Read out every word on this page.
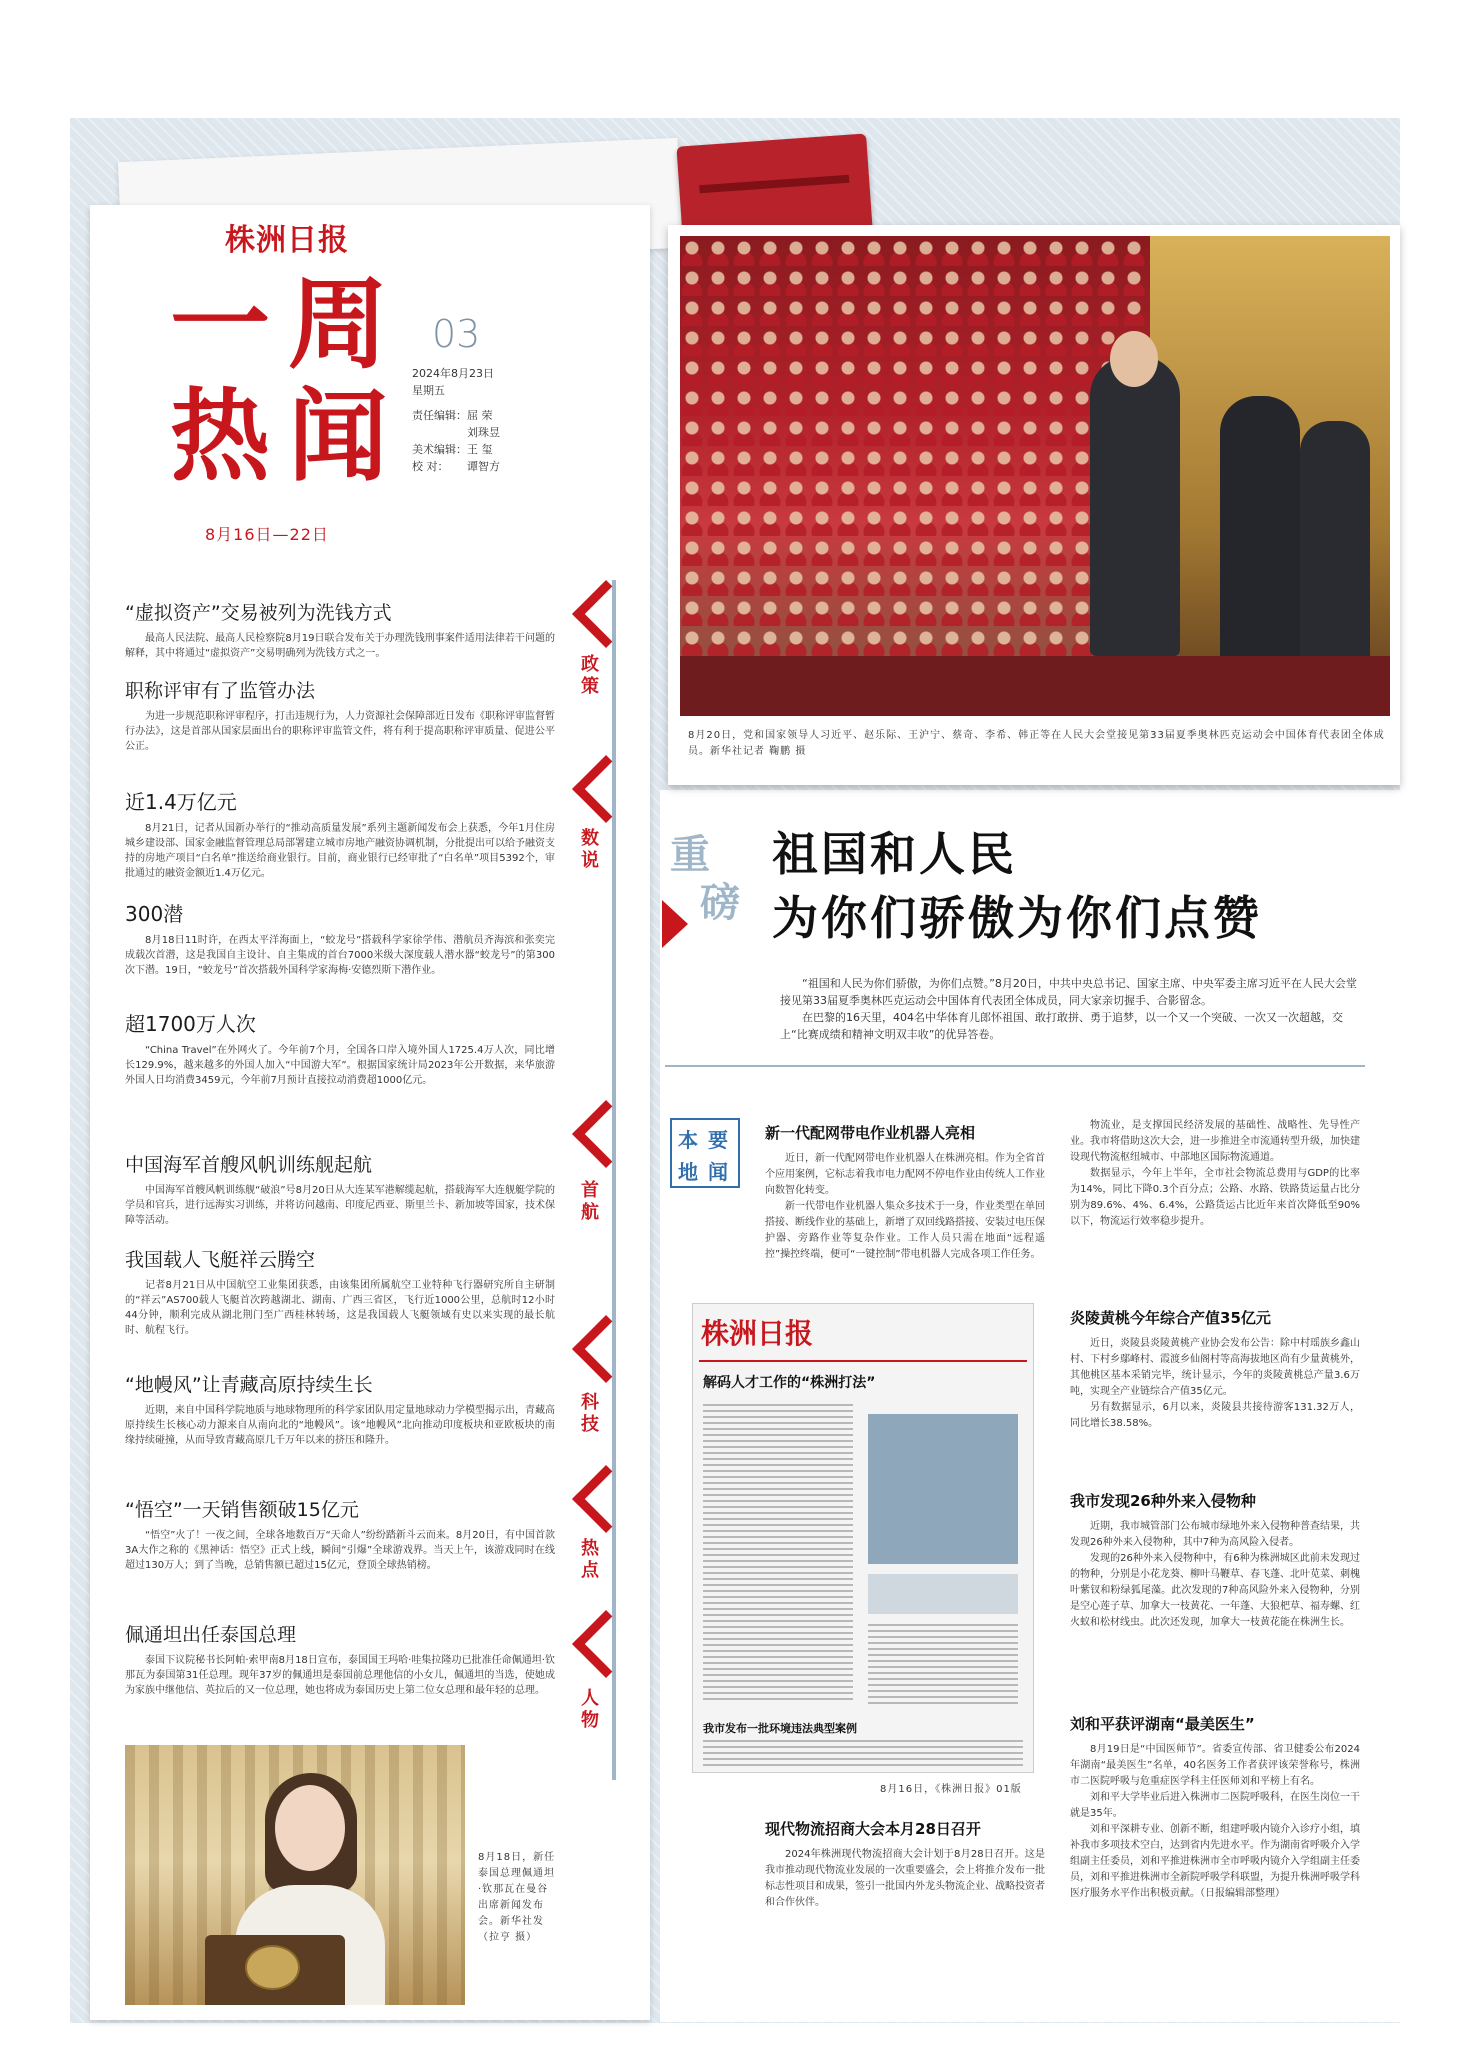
株洲日报
一周热闻
8月16日—22日
03
2024年8月23日
星期五
责任编辑： 屈 荣
刘珠昱
美术编辑： 王 玺
校 对：	谭智方
政策
数说
首航
科技
热点
人物
“虚拟资产”交易被列为洗钱方式

最高人民法院、最高人民检察院8月19日联合发布关于办理洗钱刑事案件适用法律若干问题的解释，其中将通过“虚拟资产”交易明确列为洗钱方式之一。

职称评审有了监管办法

为进一步规范职称评审程序，打击违规行为，人力资源社会保障部近日发布《职称评审监督暂行办法》，这是首部从国家层面出台的职称评审监管文件，将有利于提高职称评审质量、促进公平公正。

近1.4万亿元

8月21日，记者从国新办举行的“推动高质量发展”系列主题新闻发布会上获悉，今年1月住房城乡建设部、国家金融监督管理总局部署建立城市房地产融资协调机制，分批提出可以给予融资支持的房地产项目“白名单”推送给商业银行。目前，商业银行已经审批了“白名单”项目5392个，审批通过的融资金额近1.4万亿元。

300潜

8月18日11时许，在西太平洋海面上，“蛟龙号”搭载科学家徐学伟、潜航员齐海滨和张奕完成载次首潜，这是我国自主设计、自主集成的首台7000米级大深度载人潜水器“蛟龙号”的第300次下潜。19日，“蛟龙号”首次搭载外国科学家海梅·安德烈斯下潜作业。

超1700万人次

“China Travel”在外网火了。今年前7个月，全国各口岸入境外国人1725.4万人次，同比增长129.9%，越来越多的外国人加入“中国游大军”。根据国家统计局2023年公开数据，来华旅游外国人日均消费3459元，今年前7月预计直接拉动消费超1000亿元。

中国海军首艘风帆训练舰起航

中国海军首艘风帆训练舰“破浪”号8月20日从大连某军港解缆起航，搭载海军大连舰艇学院的学员和官兵，进行远海实习训练，并将访问越南、印度尼西亚、斯里兰卡、新加坡等国家，技术保障等活动。

我国载人飞艇祥云腾空

记者8月21日从中国航空工业集团获悉，由该集团所属航空工业特种飞行器研究所自主研制的“祥云”AS700载人飞艇首次跨越湖北、湖南、广西三省区，飞行近1000公里，总航时12小时44分钟，顺利完成从湖北荆门至广西桂林转场，这是我国载人飞艇领域有史以来实现的最长航时、航程飞行。

“地幔风”让青藏高原持续生长

近期，来自中国科学院地质与地球物理所的科学家团队用定量地球动力学模型揭示出，青藏高原持续生长核心动力源来自从南向北的“地幔风”。该“地幔风”北向推动印度板块和亚欧板块的南缘持续碰撞，从而导致青藏高原几千万年以来的挤压和隆升。

“悟空”一天销售额破15亿元

“悟空”火了！一夜之间，全球各地数百万“天命人”纷纷踏新斗云而来。8月20日，有中国首款3A大作之称的《黑神话：悟空》正式上线，瞬间“引爆”全球游戏界。当天上午，该游戏同时在线超过130万人；到了当晚，总销售额已超过15亿元，登顶全球热销榜。

佩通坦出任泰国总理

泰国下议院秘书长阿帕·索甲南8月18日宣布，泰国国王玛哈·哇集拉隆功已批准任命佩通坦·钦那瓦为泰国第31任总理。现年37岁的佩通坦是泰国前总理他信的小女儿，佩通坦的当选，使她成为家族中继他信、英拉后的又一位总理，她也将成为泰国历史上第二位女总理和最年轻的总理。

8月18日，新任泰国总理佩通坦·钦那瓦在曼谷出席新闻发布会。新华社发（拉亨 摄）
8月20日，党和国家领导人习近平、赵乐际、王沪宁、蔡奇、李希、韩正等在人民大会堂接见第33届夏季奥林匹克运动会中国体育代表团全体成员。新华社记者 鞠鹏 摄
重
磅
祖国和人民
为你们骄傲为你们点赞

“祖国和人民为你们骄傲，为你们点赞。”8月20日，中共中央总书记、国家主席、中央军委主席习近平在人民大会堂接见第33届夏季奥林匹克运动会中国体育代表团全体成员，同大家亲切握手、合影留念。

在巴黎的16天里，404名中华体育儿郎怀祖国、敢打敢拼、勇于追梦，以一个又一个突破、一次又一次超越，交上“比赛成绩和精神文明双丰收”的优异答卷。

本 要
地 闻
新一代配网带电作业机器人亮相

近日，新一代配网带电作业机器人在株洲亮相。作为全省首个应用案例，它标志着我市电力配网不停电作业由传统人工作业向数智化转变。

新一代带电作业机器人集众多技术于一身，作业类型在单回搭接、断线作业的基础上，新增了双回线路搭接、安装过电压保护器、旁路作业等复杂作业。工作人员只需在地面“远程遥控”操控终端，便可“一键控制”带电机器人完成各项工作任务。

株洲日报
解码人才工作的“株洲打法”
我市发布一批环境违法典型案例
8月16日，《株洲日报》01版
现代物流招商大会本月28日召开

2024年株洲现代物流招商大会计划于8月28日召开。这是我市推动现代物流业发展的一次重要盛会，会上将推介发布一批标志性项目和成果，签引一批国内外龙头物流企业、战略投资者和合作伙伴。

物流业，是支撑国民经济发展的基础性、战略性、先导性产业。我市将借助这次大会，进一步推进全市流通转型升级，加快建设现代物流枢纽城市、中部地区国际物流通道。

数据显示，今年上半年，全市社会物流总费用与GDP的比率为14%，同比下降0.3个百分点；公路、水路、铁路货运量占比分别为89.6%、4%、6.4%，公路货运占比近年来首次降低至90%以下，物流运行效率稳步提升。

炎陵黄桃今年综合产值35亿元

近日，炎陵县炎陵黄桃产业协会发布公告：除中村瑶族乡鑫山村、下村乡鄢峰村、霞渡乡仙阁村等高海拔地区尚有少量黄桃外，其他桃区基本采销完毕，统计显示，今年的炎陵黄桃总产量3.6万吨，实现全产业链综合产值35亿元。

另有数据显示，6月以来，炎陵县共接待游客131.32万人，同比增长38.58%。

我市发现26种外来入侵物种

近期，我市城管部门公布城市绿地外来入侵物种普查结果，共发现26种外来入侵物种，其中7种为高风险入侵者。

发现的26种外来入侵物种中，有6种为株洲城区此前未发现过的物种，分别是小花龙葵、柳叶马鞭草、春飞蓬、北叶苋菜、刺槐叶紫钗和粉绿狐尾藻。此次发现的7种高风险外来入侵物种，分别是空心莲子草、加拿大一枝黄花、一年蓬、大狼杷草、福寿螺、红火蚁和松材线虫。此次还发现，加拿大一枝黄花能在株洲生长。

刘和平获评湖南“最美医生”

8月19日是“中国医师节”。省委宣传部、省卫健委公布2024年湖南“最美医生”名单，40名医务工作者获评该荣誉称号，株洲市二医院呼吸与危重症医学科主任医师刘和平榜上有名。

刘和平大学毕业后进入株洲市二医院呼吸科，在医生岗位一干就是35年。

刘和平深耕专业、创新不断，组建呼吸内镜介入诊疗小组，填补我市多项技术空白，达到省内先进水平。作为湖南省呼吸介入学组副主任委员，刘和平推进株洲市全市呼吸内镜介入学组副主任委员，刘和平推进株洲市全新院呼吸学科联盟，为提升株洲呼吸学科医疗服务水平作出积极贡献。（日报编辑部整理）
